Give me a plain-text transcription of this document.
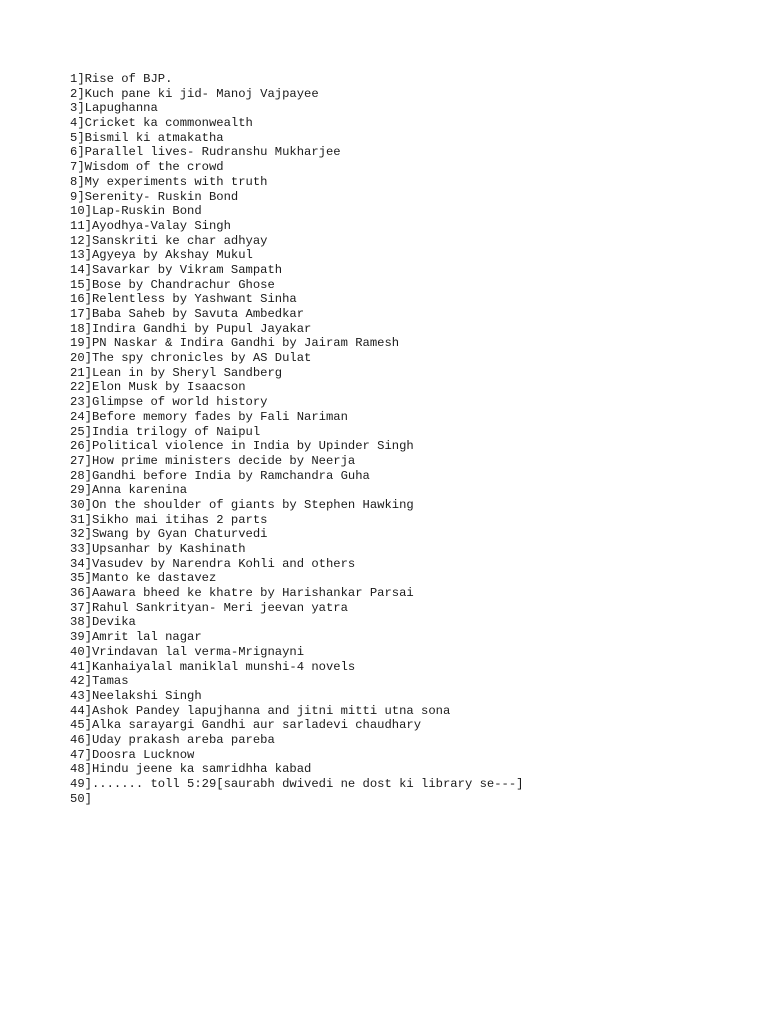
1]Rise of BJP.
2]Kuch pane ki jid- Manoj Vajpayee
3]Lapughanna
4]Cricket ka commonwealth
5]Bismil ki atmakatha
6]Parallel lives- Rudranshu Mukharjee
7]Wisdom of the crowd
8]My experiments with truth
9]Serenity- Ruskin Bond
10]Lap-Ruskin Bond
11]Ayodhya-Valay Singh
12]Sanskriti ke char adhyay
13]Agyeya by Akshay Mukul
14]Savarkar by Vikram Sampath
15]Bose by Chandrachur Ghose
16]Relentless by Yashwant Sinha
17]Baba Saheb by Savuta Ambedkar
18]Indira Gandhi by Pupul Jayakar
19]PN Naskar & Indira Gandhi by Jairam Ramesh
20]The spy chronicles by AS Dulat
21]Lean in by Sheryl Sandberg
22]Elon Musk by Isaacson
23]Glimpse of world history
24]Before memory fades by Fali Nariman
25]India trilogy of Naipul
26]Political violence in India by Upinder Singh
27]How prime ministers decide by Neerja
28]Gandhi before India by Ramchandra Guha
29]Anna karenina
30]On the shoulder of giants by Stephen Hawking
31]Sikho mai itihas 2 parts
32]Swang by Gyan Chaturvedi
33]Upsanhar by Kashinath
34]Vasudev by Narendra Kohli and others
35]Manto ke dastavez
36]Aawara bheed ke khatre by Harishankar Parsai
37]Rahul Sankrityan- Meri jeevan yatra
38]Devika
39]Amrit lal nagar
40]Vrindavan lal verma-Mrignayni
41]Kanhaiyalal maniklal munshi-4 novels
42]Tamas
43]Neelakshi Singh
44]Ashok Pandey lapujhanna and jitni mitti utna sona
45]Alka sarayargi Gandhi aur sarladevi chaudhary
46]Uday prakash areba pareba
47]Doosra Lucknow
48]Hindu jeene ka samridhha kabad
49]....... toll 5:29[saurabh dwivedi ne dost ki library se---]
50]
